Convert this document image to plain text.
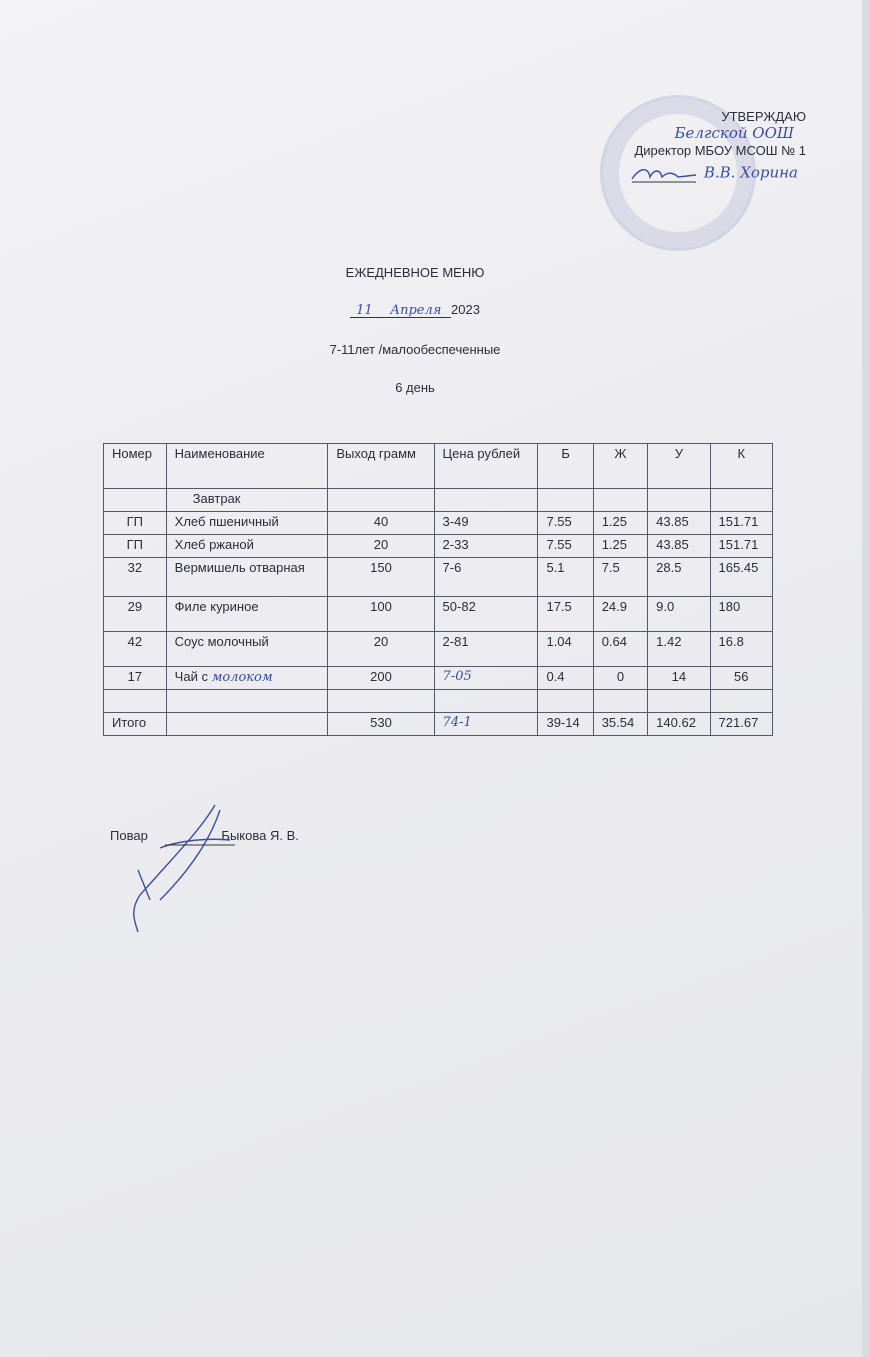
УТВЕРЖДАЮ
Белгской ООШ
Директор МБОУ МСОШ № 1
В.В. Хорина
ЕЖЕДНЕВНОЕ МЕНЮ
11 Апреля 2023
7-11лет /малообеспеченные
6 день
Номер	Наименование	Выход грамм	Цена рублей	Б	Ж	У	К
	Завтрак						
ГП	Хлеб пшеничный	40	3-49	7.55	1.25	43.85	151.71
ГП	Хлеб ржаной	20	2-33	7.55	1.25	43.85	151.71
32	Вермишель отварная	150	7-6	5.1	7.5	28.5	165.45
29	Филе куриное	100	50-82	17.5	24.9	9.0	180
42	Соус молочный	20	2-81	1.04	0.64	1.42	16.8
17	Чай с молоком	200	7-05	0.4	0	14	56

Итого		530	74-1	39-14	35.54	140.62	721.67
Повар	Быкова Я. В.
